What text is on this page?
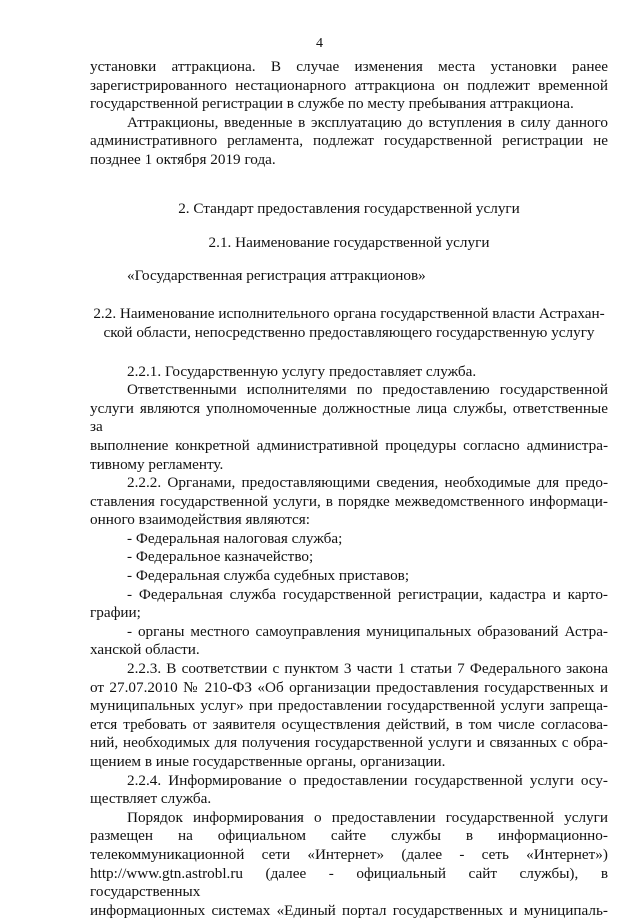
4

установки аттракциона. В случае изменения места установки ранее

зарегистрированного нестационарного аттракциона он подлежит временной

государственной регистрации в службе по месту пребывания аттракциона.

Аттракционы, введенные в эксплуатацию до вступления в силу данного

административного регламента, подлежат государственной регистрации не

позднее 1 октября 2019 года.

2. Стандарт предоставления государственной услуги

2.1. Наименование государственной услуги

«Государственная регистрация аттракционов»

2.2. Наименование исполнительного органа государственной власти Астрахан-

ской области, непосредственно предоставляющего государственную услугу

2.2.1. Государственную услугу предоставляет служба.

Ответственными исполнителями по предоставлению государственной

услуги являются уполномоченные должностные лица службы, ответственные за

выполнение конкретной административной процедуры согласно администра-

тивному регламенту.

2.2.2. Органами, предоставляющими сведения, необходимые для предо-

ставления государственной услуги, в порядке межведомственного информаци-

онного взаимодействия являются:

- Федеральная налоговая служба;

- Федеральное казначейство;

- Федеральная служба судебных приставов;

- Федеральная служба государственной регистрации, кадастра и карто-

графии;

- органы местного самоуправления муниципальных образований Астра-

ханской области.

2.2.3. В соответствии с пунктом 3 части 1 статьи 7 Федерального закона

от 27.07.2010 № 210-ФЗ «Об организации предоставления государственных и

муниципальных услуг» при предоставлении государственной услуги запреща-

ется требовать от заявителя осуществления действий, в том числе согласова-

ний, необходимых для получения государственной услуги и связанных с обра-

щением в иные государственные органы, организации.

2.2.4. Информирование о предоставлении государственной услуги осу-

ществляет служба.

Порядок информирования о предоставлении государственной услуги

размещен на официальном сайте службы в информационно-
телекоммуникационной сети «Интернет» (далее - сеть «Интернет»)

http://www.gtn.astrobl.ru (далее - официальный сайт службы), в государственных

информационных системах «Единый портал государственных и муниципаль-
